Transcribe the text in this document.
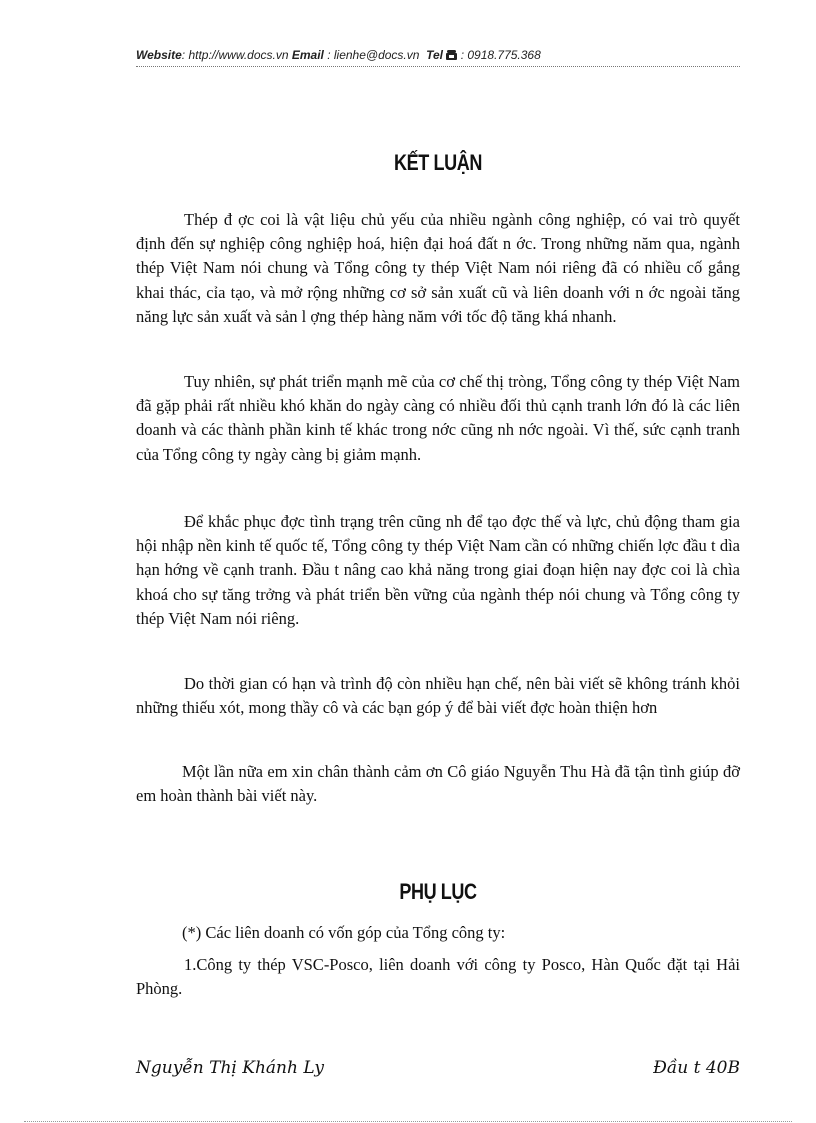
Website: http://www.docs.vn Email : lienhe@docs.vn Tel  : 0918.775.368
KẾT LUẬN
Thép đ ợc coi là vật liệu chủ yếu của nhiều ngành công nghiệp, có vai trò quyết định đến sự nghiệp công nghiệp hoá, hiện đại hoá đất n ớc. Trong những năm qua, ngành thép Việt Nam nói chung và Tổng công ty thép Việt Nam nói riêng đã có nhiều cố gắng khai thác, cỉa tạo, và mở rộng những cơ sở sản xuất cũ và liên doanh với n ớc ngoài tăng năng lực sản xuất và sản l ợng thép hàng năm với tốc độ tăng khá nhanh.
Tuy nhiên, sự phát triển mạnh mẽ của cơ chế thị tròng, Tổng công ty thép Việt Nam đã gặp phải rất nhiều khó khăn do ngày càng có nhiều đối thủ cạnh tranh lớn đó là các liên doanh và các thành phần kinh tế khác trong nớc cũng nh nớc ngoài. Vì thế, sức cạnh tranh của Tổng công ty ngày càng bị giảm mạnh.
Để khắc phục đợc tình trạng trên cũng nh để tạo đợc thế và lực, chủ động tham gia hội nhập nền kinh tế quốc tế, Tổng công ty thép Việt Nam cần có những chiến lợc đầu t dìa hạn hớng về cạnh tranh. Đầu t nâng cao khả năng trong giai đoạn hiện nay đợc coi là chìa khoá cho sự tăng trởng và phát triển bền vững của ngành thép nói chung và Tổng công ty thép Việt Nam nói riêng.
Do thời gian có hạn và trình độ còn nhiều hạn chế, nên bài viết sẽ không tránh khỏi những thiếu xót, mong thầy cô và các bạn góp ý để bài viết đợc hoàn thiện hơn
Một lần nữa em xin chân thành cảm ơn Cô giáo Nguyễn Thu Hà đã tận tình giúp đỡ em hoàn thành bài viết này.
PHỤ LỤC
(*) Các liên doanh có vốn góp của Tổng công ty:
1.Công ty thép VSC-Posco, liên doanh với công ty Posco, Hàn Quốc đặt tại Hải Phòng.
Nguyễn Thị Khánh Ly	Đầu t 40B
